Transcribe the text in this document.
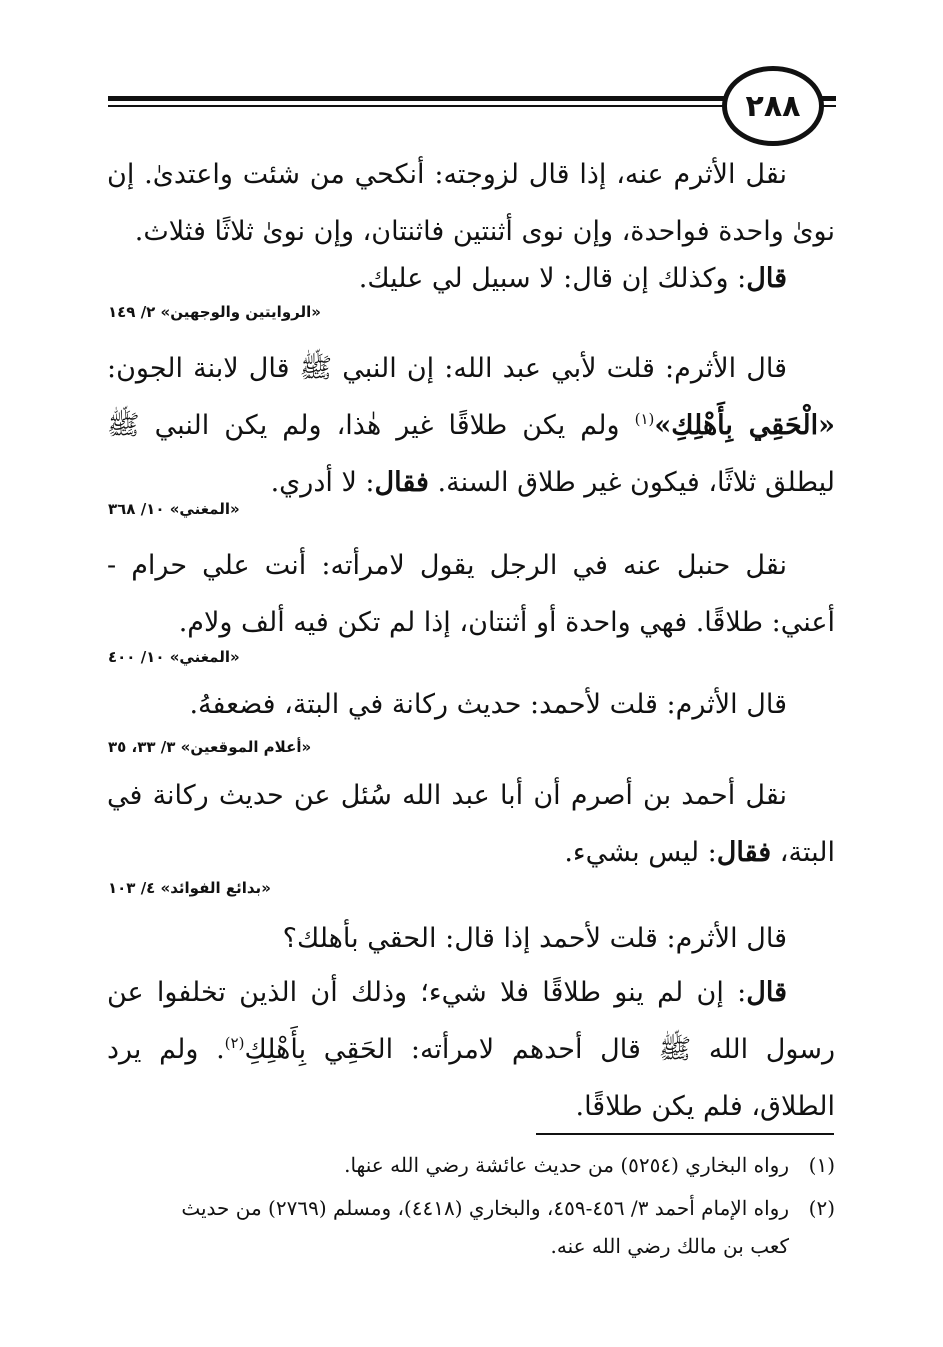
٢٨٨
نقل الأثرم عنه، إذا قال لزوجته: أنكحي من شئت واعتدىٰ. إن نوىٰ واحدة فواحدة، وإن نوى أثنتين فاثنتان، وإن نوىٰ ثلاثًا فثلاث.
قال: وكذلك إن قال: لا سبيل لي عليك.
«الروايتين والوجهين» ٢/ ١٤٩
قال الأثرم: قلت لأبي عبد الله: إن النبي ﷺ قال لابنة الجون: «الْحَقِي بِأَهْلِكِ»$^{(١)}$ ولم يكن طلاقًا غير هٰذا، ولم يكن النبي ﷺ ليطلق ثلاثًا، فيكون غير طلاق السنة. فقال: لا أدري.
«المغني» ١٠/ ٣٦٨
نقل حنبل عنه في الرجل يقول لامرأته: أنت علي حرام - أعني: طلاقًا. فهي واحدة أو أثنتان، إذا لم تكن فيه ألف ولام.
«المغني» ١٠/ ٤٠٠
قال الأثرم: قلت لأحمد: حديث ركانة في البتة، فضعفهُ.
«أعلام الموقعين» ٣/ ٣٣، ٣٥
نقل أحمد بن أصرم أن أبا عبد الله سُئل عن حديث ركانة في البتة، فقال: ليس بشيء.
«بدائع الفوائد» ٤/ ١٠٣
قال الأثرم: قلت لأحمد إذا قال: الحقي بأهلك؟
قال: إن لم ينو طلاقًا فلا شيء؛ وذلك أن الذين تخلفوا عن رسول الله ﷺ قال أحدهم لامرأته: الحَقِي بِأَهْلِكِ$^{(٢)}$. ولم يرد الطلاق، فلم يكن طلاقًا.
(١)رواه البخاري (٥٢٥٤) من حديث عائشة رضي الله عنها.
(٢)رواه الإمام أحمد ٣/ ٤٥٦-٤٥٩، والبخاري (٤٤١٨)، ومسلم (٢٧٦٩) من حديث
كعب بن مالك رضي الله عنه.
